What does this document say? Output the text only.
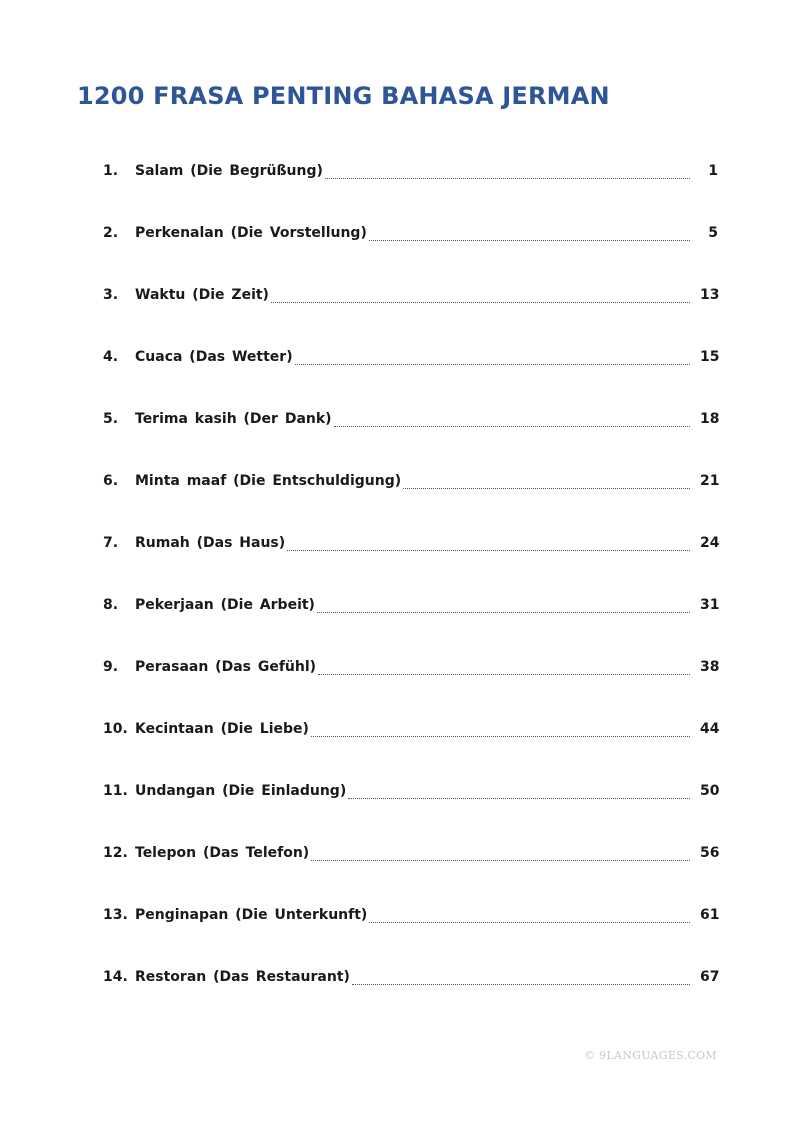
1200 FRASA PENTING BAHASA JERMAN
1.	Salam (Die Begrüßung)	1
2.	Perkenalan (Die Vorstellung)	5
3.	Waktu (Die Zeit)	13
4.	Cuaca (Das Wetter)	15
5.	Terima kasih (Der Dank)	18
6.	Minta maaf (Die Entschuldigung)	21
7.	Rumah (Das Haus)	24
8.	Pekerjaan (Die Arbeit)	31
9.	Perasaan (Das Gefühl)	38
10. Kecintaan (Die Liebe)	44
11. Undangan (Die Einladung)	50
12. Telepon (Das Telefon)	56
13. Penginapan (Die Unterkunft)	61
14. Restoran (Das Restaurant)	67
© 9LANGUAGES.COM
